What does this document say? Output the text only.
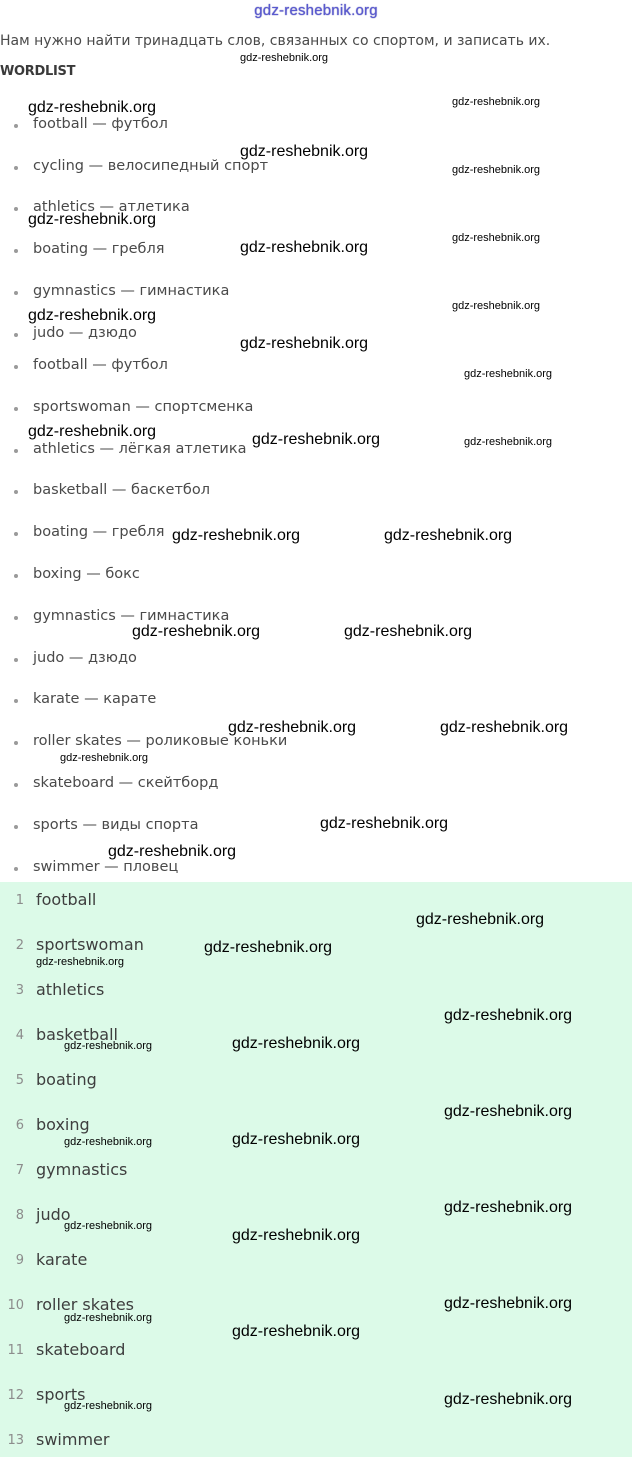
gdz-reshebnik.org
Нам нужно найти тринадцать слов, связанных со спортом, и записать их.
WORDLIST
football — футбол
cycling — велосипедный спорт
athletics — атлетика
boating — гребля
gymnastics — гимнастика
judo — дзюдо
football — футбол
sportswoman — спортсменка
athletics — лёгкая атлетика
basketball — баскетбол
boating — гребля
boxing — бокс
gymnastics — гимнастика
judo — дзюдо
karate — карате
roller skates — роликовые коньки
skateboard — скейтборд
sports — виды спорта
swimmer — пловец
1 football
2 sportswoman
3 athletics
4 basketball
5 boating
6 boxing
7 gymnastics
8 judo
9 karate
10 roller skates
11 skateboard
12 sports
13 swimmer
gdz-reshebnik.org
gdz-reshebnik.org	gdz-reshebnik.org
gdz-reshebnik.org
gdz-reshebnik.org
gdz-reshebnik.org
gdz-reshebnik.org
gdz-reshebnik.org
gdz-reshebnik.org
gdz-reshebnik.org
gdz-reshebnik.org
gdz-reshebnik.org
gdz-reshebnik.org	gdz-reshebnik.org	gdz-reshebnik.org
gdz-reshebnik.org	gdz-reshebnik.org
gdz-reshebnik.org	gdz-reshebnik.org
gdz-reshebnik.org	gdz-reshebnik.org
gdz-reshebnik.org
gdz-reshebnik.org
gdz-reshebnik.org
gdz-reshebnik.org
gdz-reshebnik.org
gdz-reshebnik.org
gdz-reshebnik.org
gdz-reshebnik.org	gdz-reshebnik.org
gdz-reshebnik.org
gdz-reshebnik.org	gdz-reshebnik.org
gdz-reshebnik.org
gdz-reshebnik.org
gdz-reshebnik.org
gdz-reshebnik.org
gdz-reshebnik.org
gdz-reshebnik.org
gdz-reshebnik.org
gdz-reshebnik.org
